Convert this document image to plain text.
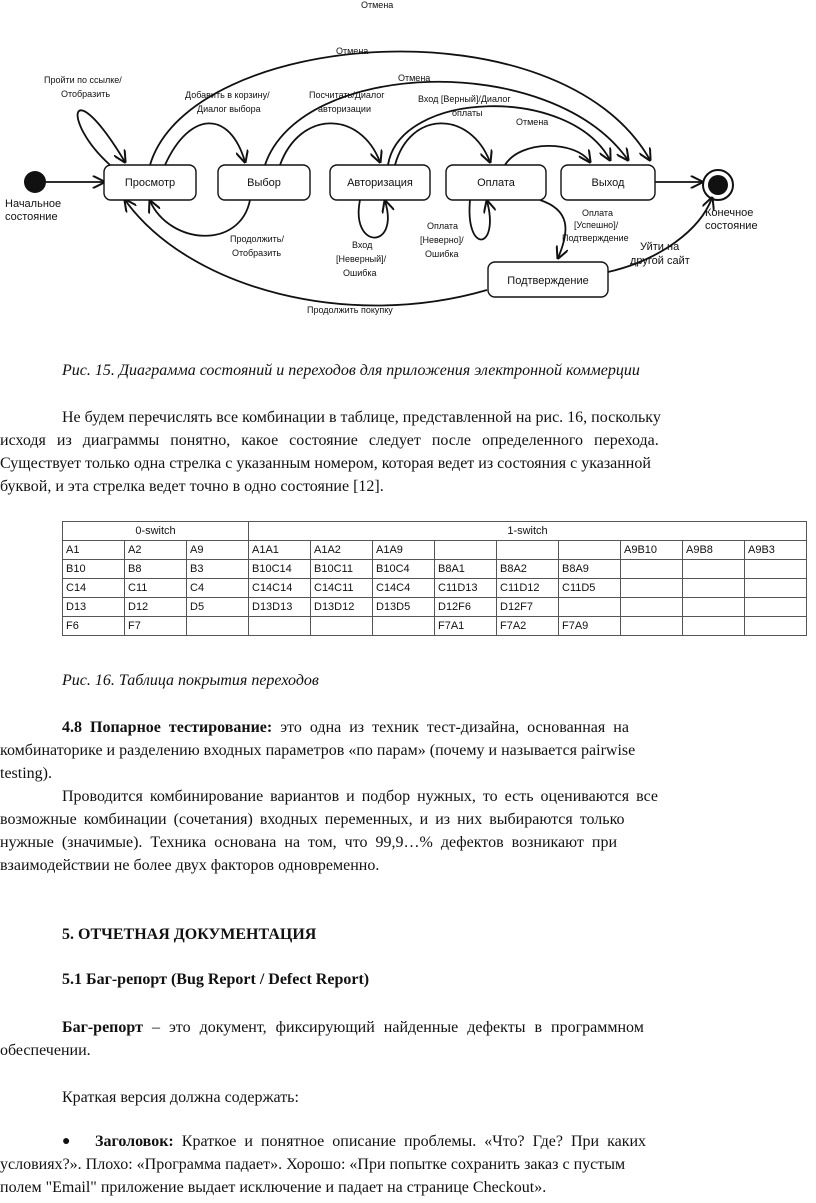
Просмотр	Выбор	Авторизация	Оплата	Выход
Подтверждение
Начальное
состояние	Конечное
состояние
Отмена
Отмена
Отмена
Отмена
Пройти по ссылке/
Отобразить	Добавить в корзину/
Диалог выбора
Посчитать/Диалог
авторизации
Вход [Верный]/Диалог
оплаты
Продолжить/
Отобразить
Вход
[Неверный]/
Ошибка
Оплата
[Неверно]/
Ошибка
Оплата
[Успешно]/
Подтверждение
Уйти на
другой сайт
Продолжить покупку
Рис. 15. Диаграмма состояний и переходов для приложения электронной коммерции
Не будем перечислять все комбинации в таблице, представленной на рис. 16, поскольку
исходя из диаграммы понятно, какое состояние следует после определенного перехода.
Существует только одна стрелка с указанным номером, которая ведет из состояния с указанной
буквой, и эта стрелка ведет точно в одно состояние [12].
0-switch			1-switch								
A1	A2	A9	A1A1	A1A2	A1A9				A9B10	A9B8	A9B3
B10	B8	B3	B10C14	B10C11	B10C4	B8A1	B8A2	B8A9			
C14	C11	C4	C14C14	C14C11	C14C4	C11D13	C11D12	C11D5			
D13	D12	D5	D13D13	D13D12	D13D5	D12F6	D12F7				
F6	F7					F7A1	F7A2	F7A9			
Рис. 16. Таблица покрытия переходов
4.8 Попарное тестирование: это одна из техник тест-дизайна, основанная на
комбинаторике и разделению входных параметров «по парам» (почему и называется pairwise
testing).
Проводится комбинирование вариантов и подбор нужных, то есть оцениваются все
возможные комбинации (сочетания) входных переменных, и из них выбираются только
нужные (значимые). Техника основана на том, что 99,9…% дефектов возникают при
взаимодействии не более двух факторов одновременно.
5. ОТЧЕТНАЯ ДОКУМЕНТАЦИЯ
5.1 Баг-репорт (Bug Report / Defect Report)
Баг-репорт – это документ, фиксирующий найденные дефекты в программном
обеспечении.
Краткая версия должна содержать:
●	Заголовок: Краткое и понятное описание проблемы. «Что? Где? При каких
условиях?». Плохо: «Программа падает». Хорошо: «При попытке сохранить заказ с пустым
полем "Email" приложение выдает исключение и падает на странице Checkout».
